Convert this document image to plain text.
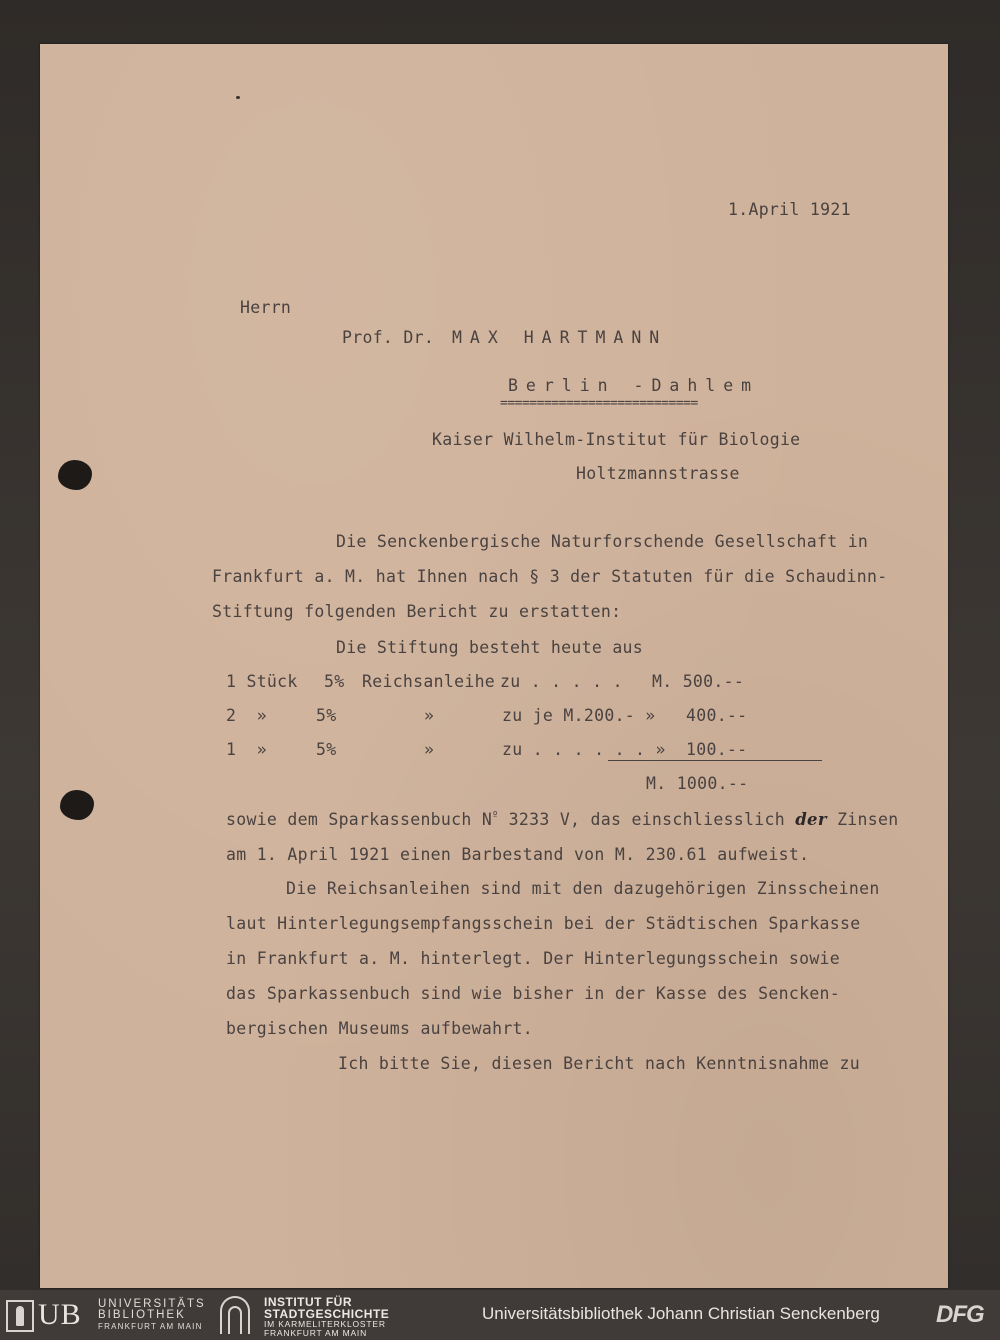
1.April 1921
Herrn
Prof. Dr. MAX HARTMANN
Berlin -Dahlem
===========================
Kaiser Wilhelm-Institut für Biologie
Holtzmannstrasse
Die Senckenbergische Naturforschende Gesellschaft in
Frankfurt a. M. hat Ihnen nach § 3 der Statuten für die Schaudinn-
Stiftung folgenden Bericht zu erstatten:
Die Stiftung besteht heute aus
1 Stück 5% Reichsanleihe zu . . . . . M. 500.--
2  »	5%	»	zu je M.200.- » 400.--
1  »	5%	»	zu . . . . . . » 100.--
M. 1000.--
sowie dem Sparkassenbuch $N^º$ 3233 V, das einschliesslich der Zinsen
am 1. April 1921 einen Barbestand von M. 230.61 aufweist.
Die Reichsanleihen sind mit den dazugehörigen Zinsscheinen
laut Hinterlegungsempfangsschein bei der Städtischen Sparkasse
in Frankfurt a. M. hinterlegt. Der Hinterlegungsschein sowie
das Sparkassenbuch sind wie bisher in der Kasse des Sencken-
bergischen Museums aufbewahrt.
Ich bitte Sie, diesen Bericht nach Kenntnisnahme zu
UB UNIVERSITÄTS
BIBLIOTHEK
FRANKFURT AM MAIN
INSTITUT FÜR
STADTGESCHICHTE
IM KARMELITERKLOSTER
FRANKFURT AM MAIN
Universitätsbibliothek Johann Christian Senckenberg DFG
